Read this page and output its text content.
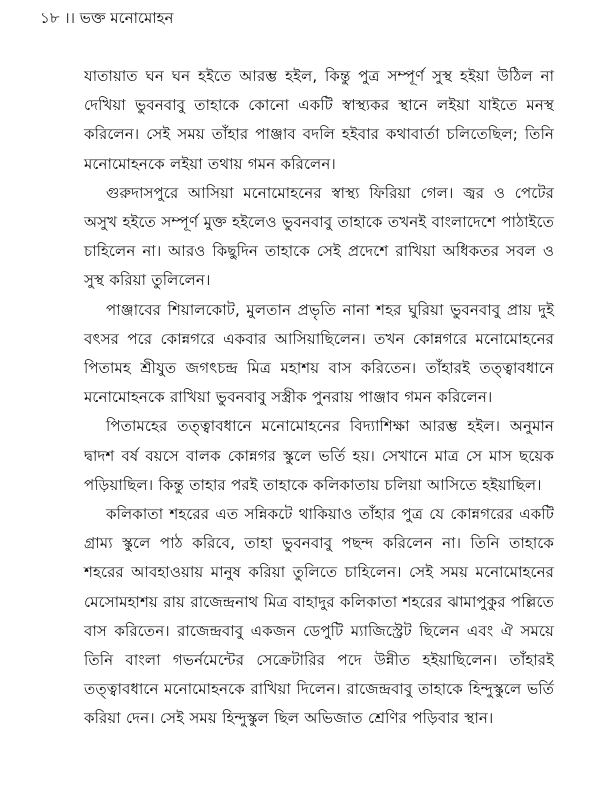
১৮ ।। ভক্ত মনোমোহন

যাতায়াত ঘন ঘন হইতে আরম্ভ হইল, কিন্তু পুত্র সম্পূর্ণ সুস্থ হইয়া উঠিল না দেখিয়া ভুবনবাবু তাহাকে কোনো একটি স্বাস্থ্যকর স্থানে লইয়া যাইতে মনস্থ করিলেন। সেই সময় তাঁহার পাঞ্জাব বদলি হইবার কথাবার্তা চলিতেছিল; তিনি মনোমোহনকে লইয়া তথায় গমন করিলেন।

গুরুদাসপুরে আসিয়া মনোমোহনের স্বাস্থ্য ফিরিয়া গেল। জ্বর ও পেটের অসুখ হইতে সম্পূর্ণ মুক্ত হইলেও ভুবনবাবু তাহাকে তখনই বাংলাদেশে পাঠাইতে চাহিলেন না। আরও কিছুদিন তাহাকে সেই প্রদেশে রাখিয়া অধিকতর সবল ও সুস্থ করিয়া তুলিলেন।

পাঞ্জাবের শিয়ালকোট, মুলতান প্রভৃতি নানা শহর ঘুরিয়া ভুবনবাবু প্রায় দুই বৎসর পরে কোন্নগরে একবার আসিয়াছিলেন। তখন কোন্নগরে মনোমোহনের পিতামহ শ্রীযুত জগৎচন্দ্র মিত্র মহাশয় বাস করিতেন। তাঁহারই তত্ত্বাবধানে মনোমোহনকে রাখিয়া ভুবনবাবু সস্ত্রীক পুনরায় পাঞ্জাব গমন করিলেন।

পিতামহের তত্ত্বাবধানে মনোমোহনের বিদ্যাশিক্ষা আরম্ভ হইল। অনুমান দ্বাদশ বর্ষ বয়সে বালক কোন্নগর স্কুলে ভর্তি হয়। সেখানে মাত্র সে মাস ছয়েক পড়িয়াছিল। কিন্তু তাহার পরই তাহাকে কলিকাতায় চলিয়া আসিতে হইয়াছিল।

কলিকাতা শহরের এত সন্নিকটে থাকিয়াও তাঁহার পুত্র যে কোন্নগরের একটি গ্রাম্য স্কুলে পাঠ করিবে, তাহা ভুবনবাবু পছন্দ করিলেন না। তিনি তাহাকে শহরের আবহাওয়ায় মানুষ করিয়া তুলিতে চাহিলেন। সেই সময় মনোমোহনের মেসোমহাশয় রায় রাজেন্দ্রনাথ মিত্র বাহাদুর কলিকাতা শহরের ঝামাপুকুর পল্লিতে বাস করিতেন। রাজেন্দ্রবাবু একজন ডেপুটি ম্যাজিস্ট্রেট ছিলেন এবং ঐ সময়ে তিনি বাংলা গভর্নমেন্টের সেক্রেটারির পদে উন্নীত হইয়াছিলেন। তাঁহারই তত্ত্বাবধানে মনোমোহনকে রাখিয়া দিলেন। রাজেন্দ্রবাবু তাহাকে হিন্দুস্কুলে ভর্তি করিয়া দেন। সেই সময় হিন্দুস্কুল ছিল অভিজাত শ্রেণির পড়িবার স্থান।
